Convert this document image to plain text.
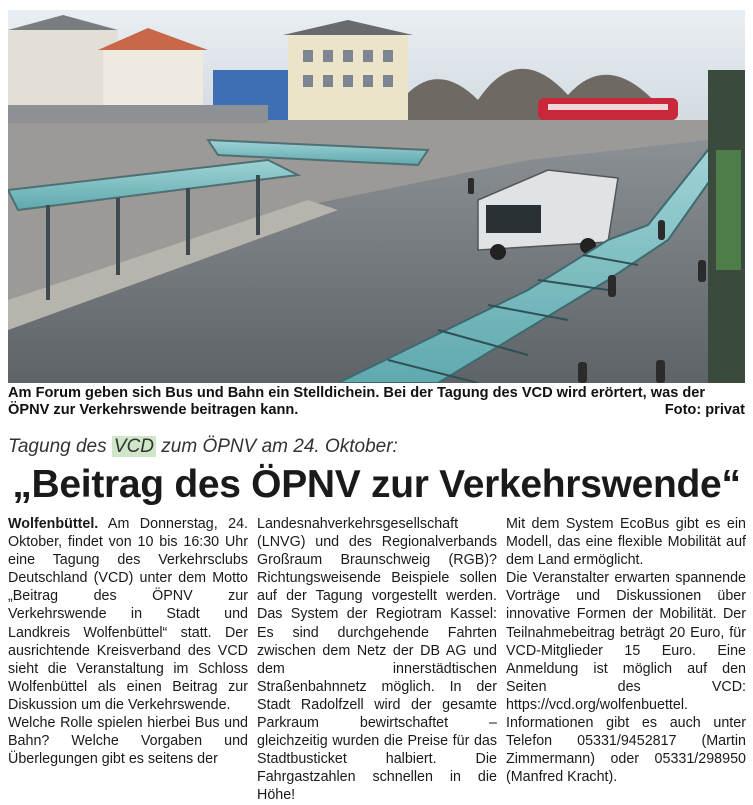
Am Forum geben sich Bus und Bahn ein Stelldichein. Bei der Tagung des VCD wird erörtert, was der ÖPNV zur Verkehrswende beitragen kann.	Foto: privat
Tagung des VCD zum ÖPNV am 24. Oktober:
„Beitrag des ÖPNV zur Verkehrswende“

Wolfenbüttel. Am Donnerstag, 24. Oktober, findet von 10 bis 16:30 Uhr eine Tagung des Verkehrsclubs Deutschland (VCD) unter dem Motto „Beitrag des ÖPNV zur Verkehrswende in Stadt und Landkreis Wolfenbüttel“ statt. Der ausrichtende Kreisverband des VCD sieht die Veranstaltung im Schloss Wolfenbüttel als einen Beitrag zur Diskussion um die Verkehrswende.

Welche Rolle spielen hierbei Bus und Bahn? Welche Vorgaben und Überlegungen gibt es seitens der

Landesnahverkehrsgesellschaft (LNVG) und des Regionalverbands Großraum Braunschweig (RGB)? Richtungsweisende Beispiele sollen auf der Tagung vorgestellt werden. Das System der Regiotram Kassel: Es sind durchgehende Fahrten zwischen dem Netz der DB AG und dem innerstädtischen Straßenbahnnetz möglich. In der Stadt Radolfzell wird der gesamte Parkraum bewirtschaftet – gleichzeitig wurden die Preise für das Stadtbusticket halbiert. Die Fahrgastzahlen schnellen in die Höhe!

Mit dem System EcoBus gibt es ein Modell, das eine flexible Mobilität auf dem Land ermöglicht.

Die Veranstalter erwarten spannende Vorträge und Diskussionen über innovative Formen der Mobilität. Der Teilnahmebeitrag beträgt 20 Euro, für VCD-Mitglieder 15 Euro. Eine Anmeldung ist möglich auf den Seiten des VCD: https://vcd.org/wolfenbuettel. Informationen gibt es auch unter Telefon 05331/9452817 (Martin Zimmermann) oder 05331/298950 (Manfred Kracht).
